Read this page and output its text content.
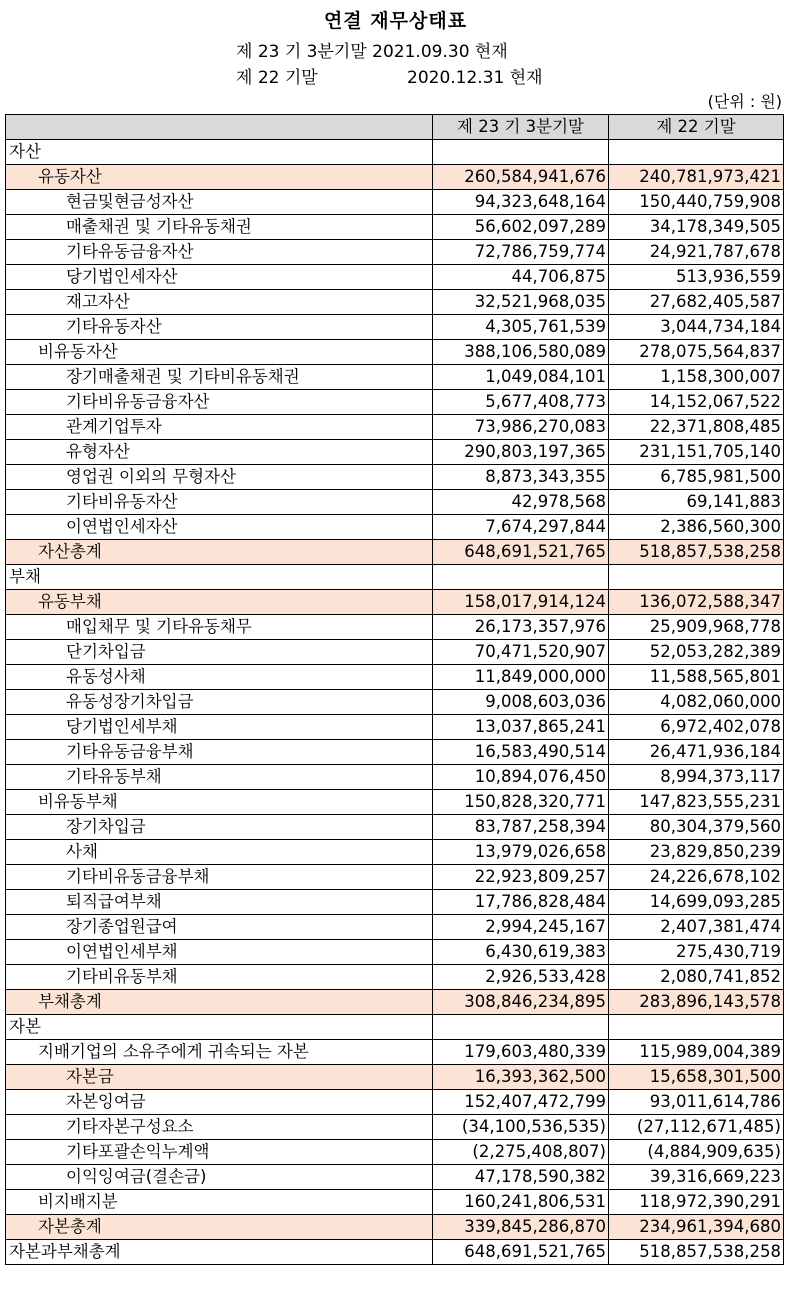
연결 재무상태표
제 23 기 3분기말 2021.09.30 현재
제 22 기말	2020.12.31 현재
(단위 : 원)
	제 23 기 3분기말	제 22 기말
자산		
유동자산	260,584,941,676	240,781,973,421
현금및현금성자산	94,323,648,164	150,440,759,908
매출채권 및 기타유동채권	56,602,097,289	34,178,349,505
기타유동금융자산	72,786,759,774	24,921,787,678
당기법인세자산	44,706,875	513,936,559
재고자산	32,521,968,035	27,682,405,587
기타유동자산	4,305,761,539	3,044,734,184
비유동자산	388,106,580,089	278,075,564,837
장기매출채권 및 기타비유동채권	1,049,084,101	1,158,300,007
기타비유동금융자산	5,677,408,773	14,152,067,522
관계기업투자	73,986,270,083	22,371,808,485
유형자산	290,803,197,365	231,151,705,140
영업권 이외의 무형자산	8,873,343,355	6,785,981,500
기타비유동자산	42,978,568	69,141,883
이연법인세자산	7,674,297,844	2,386,560,300
자산총계	648,691,521,765	518,857,538,258
부채		
유동부채	158,017,914,124	136,072,588,347
매입채무 및 기타유동채무	26,173,357,976	25,909,968,778
단기차입금	70,471,520,907	52,053,282,389
유동성사채	11,849,000,000	11,588,565,801
유동성장기차입금	9,008,603,036	4,082,060,000
당기법인세부채	13,037,865,241	6,972,402,078
기타유동금융부채	16,583,490,514	26,471,936,184
기타유동부채	10,894,076,450	8,994,373,117
비유동부채	150,828,320,771	147,823,555,231
장기차입금	83,787,258,394	80,304,379,560
사채	13,979,026,658	23,829,850,239
기타비유동금융부채	22,923,809,257	24,226,678,102
퇴직급여부채	17,786,828,484	14,699,093,285
장기종업원급여	2,994,245,167	2,407,381,474
이연법인세부채	6,430,619,383	275,430,719
기타비유동부채	2,926,533,428	2,080,741,852
부채총계	308,846,234,895	283,896,143,578
자본		
지배기업의 소유주에게 귀속되는 자본	179,603,480,339	115,989,004,389
자본금	16,393,362,500	15,658,301,500
자본잉여금	152,407,472,799	93,011,614,786
기타자본구성요소	(34,100,536,535)	(27,112,671,485)
기타포괄손익누계액	(2,275,408,807)	(4,884,909,635)
이익잉여금(결손금)	47,178,590,382	39,316,669,223
비지배지분	160,241,806,531	118,972,390,291
자본총계	339,845,286,870	234,961,394,680
자본과부채총계	648,691,521,765	518,857,538,258
